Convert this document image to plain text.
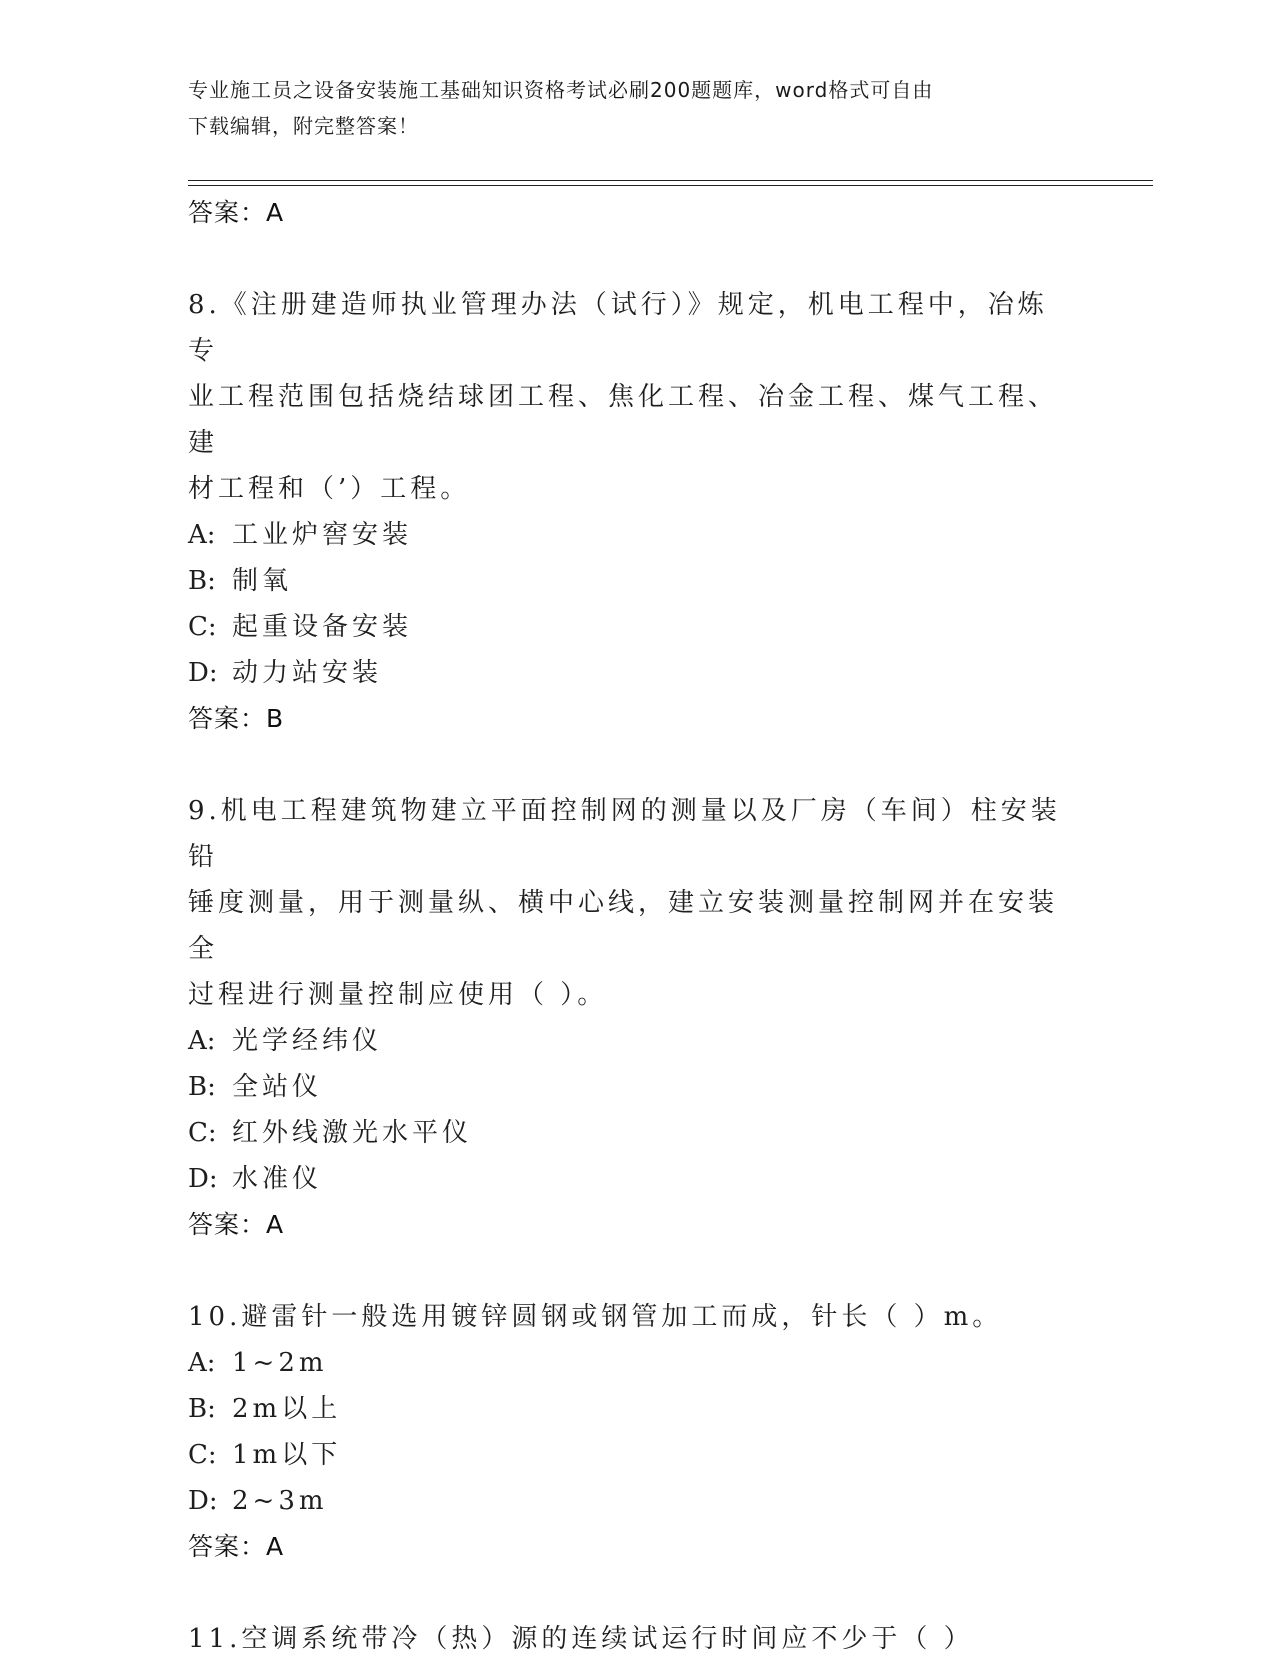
专业施工员之设备安装施工基础知识资格考试必刷200题题库，word格式可自由
下载编辑，附完整答案！
答案：A
8.《注册建造师执业管理办法（试行）》规定，机电工程中，冶炼专
业工程范围包括烧结球团工程、焦化工程、冶金工程、煤气工程、建
材工程和（’）工程。
A: 工业炉窖安装
B: 制氧
C: 起重设备安装
D: 动力站安装
答案：B
9.机电工程建筑物建立平面控制网的测量以及厂房（车间）柱安装铅
锤度测量，用于测量纵、横中心线，建立安装测量控制网并在安装全
过程进行测量控制应使用（ ）。
A: 光学经纬仪
B: 全站仪
C: 红外线激光水平仪
D: 水准仪
答案：A
10.避雷针一般选用镀锌圆钢或钢管加工而成，针长（ ）m。
A: 1~2m
B: 2m以上
C: 1m以下
D: 2~3m
答案：A
11.空调系统带冷（热）源的连续试运行时间应不少于（ ）
